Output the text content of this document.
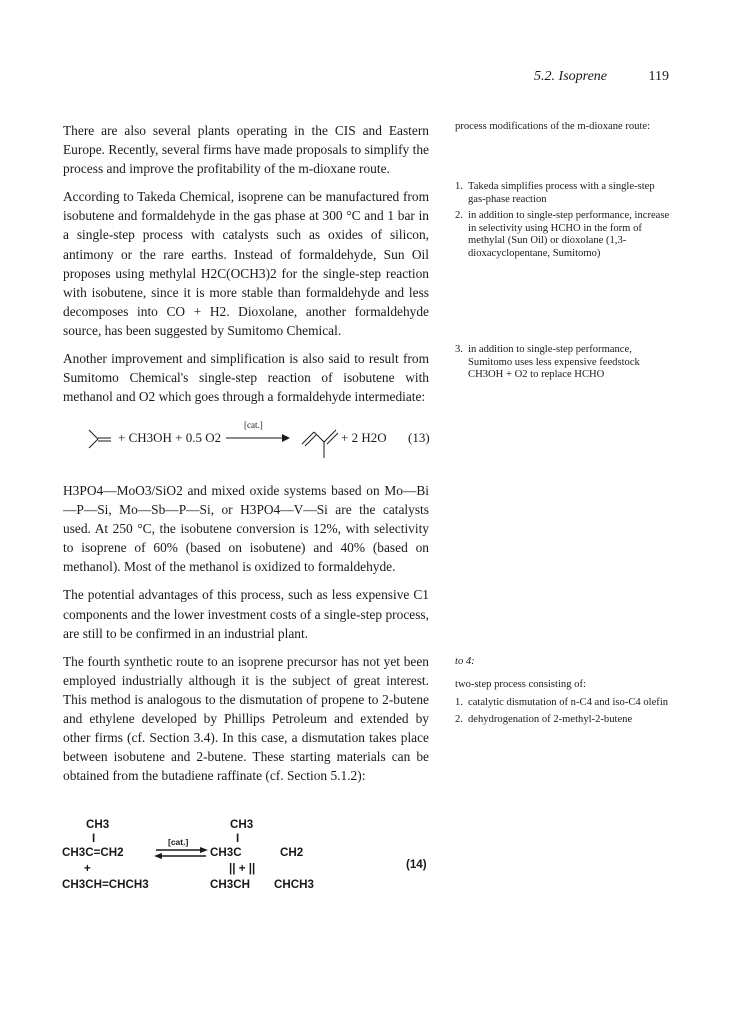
5.2. Isoprene	119

There are also several plants operating in the CIS and Eastern Europe. Recently, several firms have made proposals to simplify the process and improve the profitability of the m-dioxane route.

According to Takeda Chemical, isoprene can be manufactured from isobutene and formaldehyde in the gas phase at 300 °C and 1 bar in a single-step process with catalysts such as oxides of silicon, antimony or the rare earths. Instead of formaldehyde, Sun Oil proposes using methylal H2C(OCH3)2 for the single-step reaction with isobutene, since it is more stable than formaldehyde and less decomposes into CO + H2. Dioxolane, another formaldehyde source, has been suggested by Sumitomo Chemical.

Another improvement and simplification is also said to result from Sumitomo Chemical's single-step reaction of isobutene with methanol and O2 which goes through a formaldehyde intermediate:

+ CH3OH + 0.5 O2
[cat.]
+ 2 H2O (13)

H3PO4—MoO3/SiO2 and mixed oxide systems based on Mo—Bi—P—Si, Mo—Sb—P—Si, or H3PO4—V—Si are the catalysts used. At 250 °C, the isobutene conversion is 12%, with selectivity to isoprene of 60% (based on isobutene) and 40% (based on methanol). Most of the methanol is oxidized to formaldehyde.

The potential advantages of this process, such as less expensive C1 components and the lower investment costs of a single-step process, are still to be confirmed in an industrial plant.

The fourth synthetic route to an isoprene precursor has not yet been employed industrially although it is the subject of great interest. This method is analogous to the dismutation of propene to 2-butene and ethylene developed by Phillips Petroleum and extended by other firms (cf. Section 3.4). In this case, a dismutation takes place between isobutene and 2-butene. These starting materials can be obtained from the butadiene raffinate (cf. Section 5.1.2):

CH3
I
CH3C=CH2
+
CH3CH=CHCH3
[cat.]
CH3
I
CH3C	CH2
|| + ||
CH3CH CHCH3
(14)
process modifications of the m-dioxane route:
1. Takeda simplifies process with a single-step gas-phase reaction
2. in addition to single-step performance, increase in selectivity using HCHO in the form of methylal (Sun Oil) or dioxolane (1,3-dioxacyclopentane, Sumitomo)
3. in addition to single-step performance, Sumitomo uses less expensive feedstock CH3OH + O2 to replace HCHO
to 4:
two-step process consisting of:
1. catalytic dismutation of n-C4 and iso-C4 olefin
2. dehydrogenation of 2-methyl-2-butene
